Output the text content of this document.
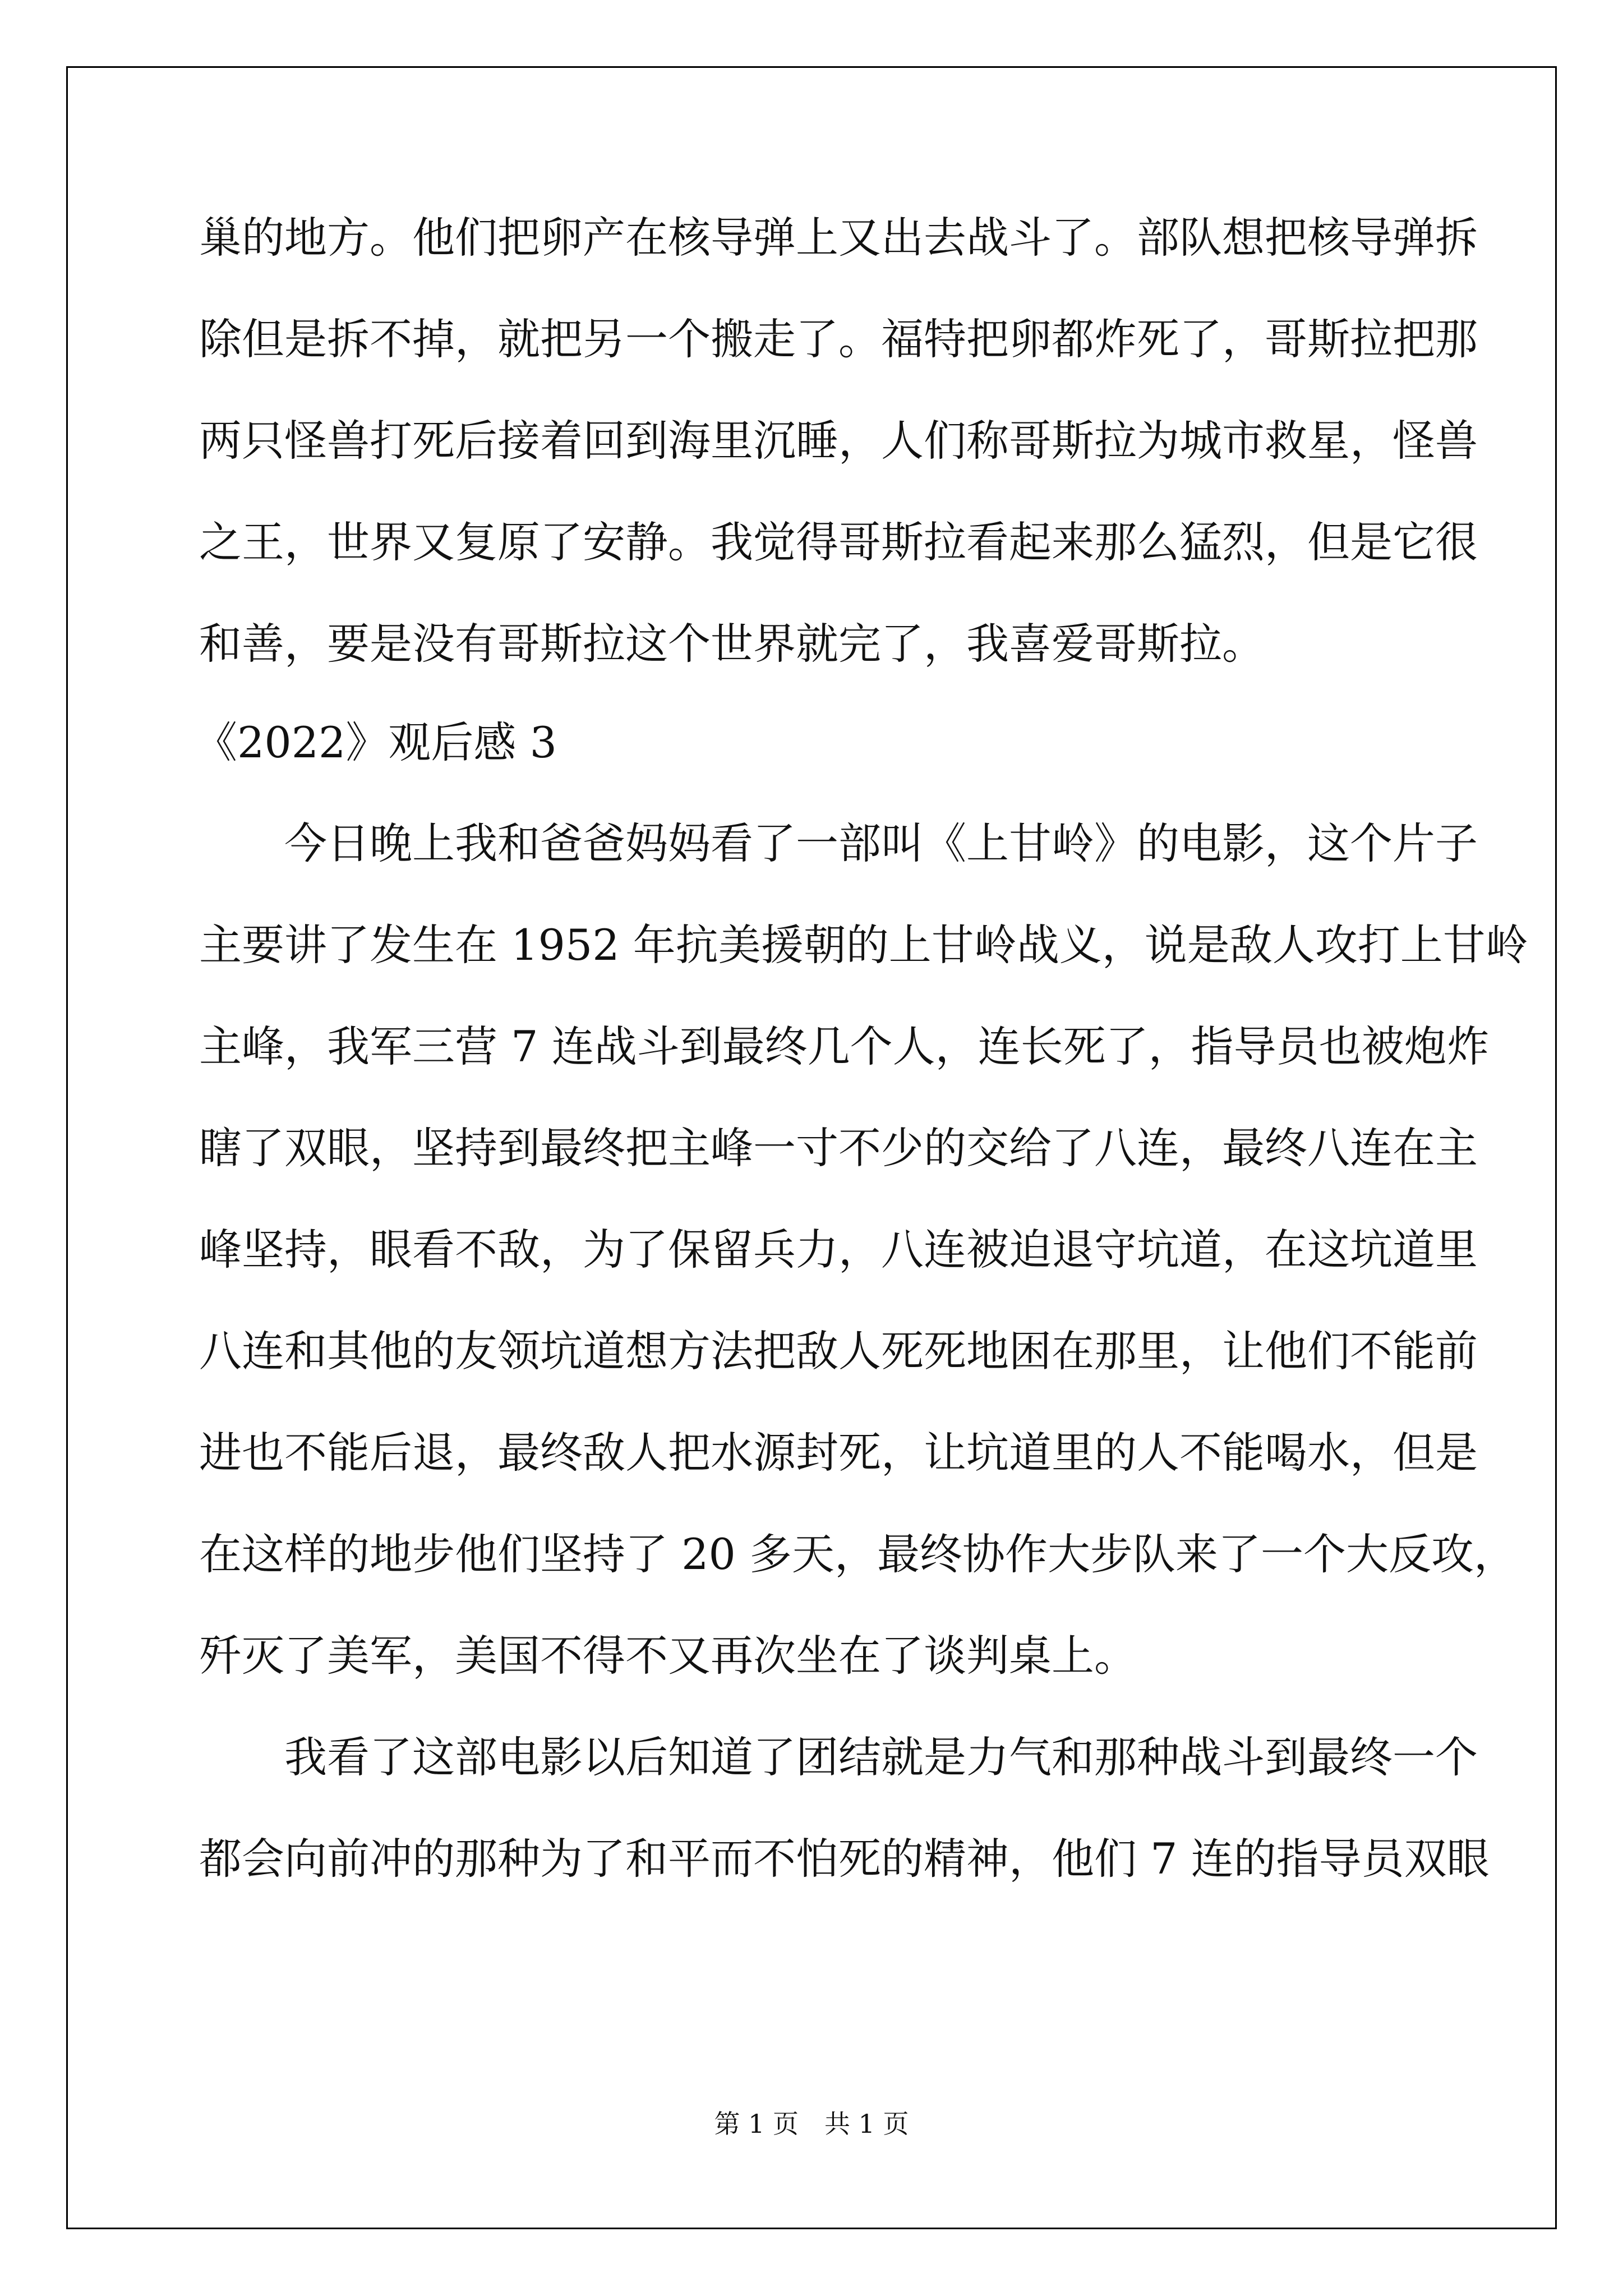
巢的地方。他们把卵产在核导弹上又出去战斗了。部队想把核导弹拆
除但是拆不掉，就把另一个搬走了。福特把卵都炸死了，哥斯拉把那
两只怪兽打死后接着回到海里沉睡，人们称哥斯拉为城市救星，怪兽
之王，世界又复原了安静。我觉得哥斯拉看起来那么猛烈，但是它很
和善，要是没有哥斯拉这个世界就完了，我喜爱哥斯拉。
《2022》观后感 3
今日晚上我和爸爸妈妈看了一部叫《上甘岭》的电影，这个片子
主要讲了发生在 1952 年抗美援朝的上甘岭战义，说是敌人攻打上甘岭
主峰，我军三营 7 连战斗到最终几个人，连长死了，指导员也被炮炸
瞎了双眼，坚持到最终把主峰一寸不少的交给了八连，最终八连在主
峰坚持，眼看不敌，为了保留兵力，八连被迫退守坑道，在这坑道里
八连和其他的友领坑道想方法把敌人死死地困在那里，让他们不能前
进也不能后退，最终敌人把水源封死，让坑道里的人不能喝水，但是
在这样的地步他们坚持了 20 多天，最终协作大步队来了一个大反攻，
歼灭了美军，美国不得不又再次坐在了谈判桌上。
我看了这部电影以后知道了团结就是力气和那种战斗到最终一个
都会向前冲的那种为了和平而不怕死的精神，他们 7 连的指导员双眼
第 1 页　共 1 页
